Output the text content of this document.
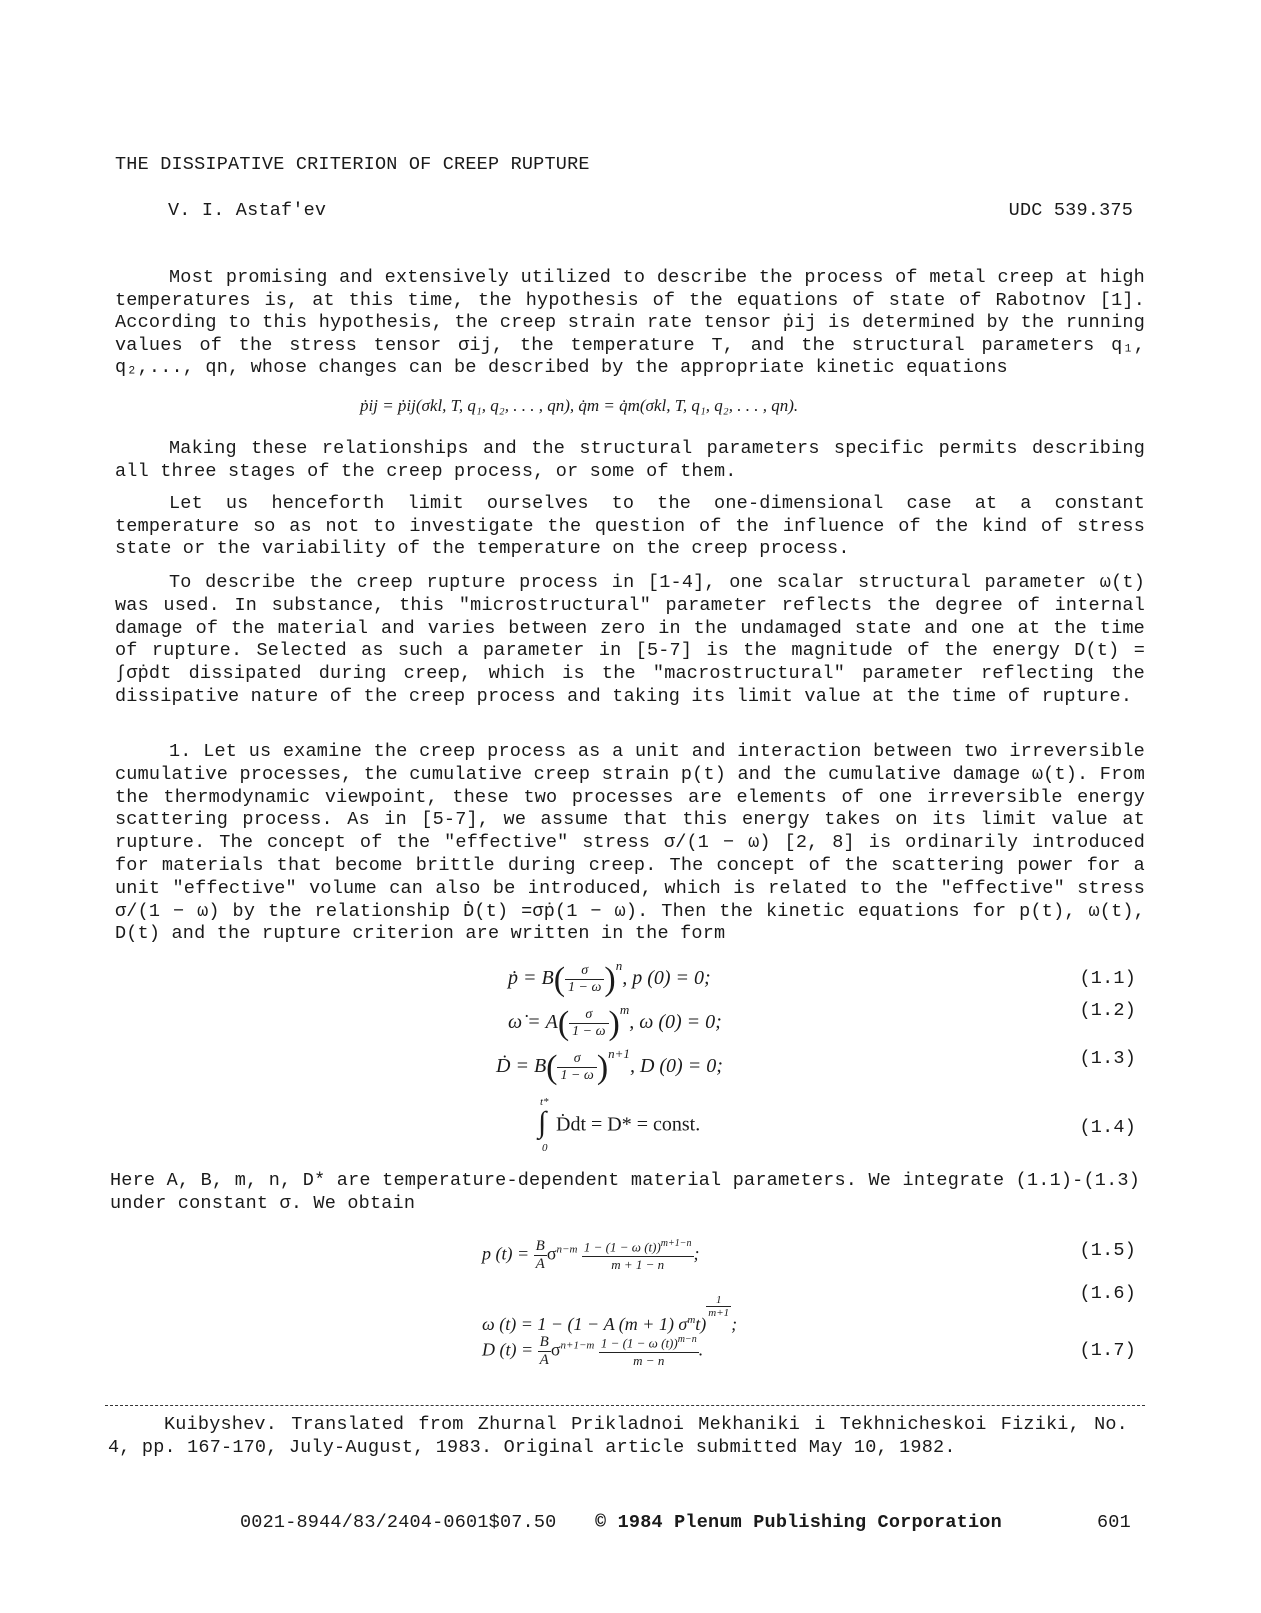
THE DISSIPATIVE CRITERION OF CREEP RUPTURE
V. I. Astaf'ev	UDC 539.375
Most promising and extensively utilized to describe the process of metal creep at high temperatures is, at this time, the hypothesis of the equations of state of Rabotnov [1]. According to this hypothesis, the creep strain rate tensor ṗij is determined by the running values of the stress tensor σij, the temperature T, and the structural parameters q₁, q₂,..., qn, whose changes can be described by the appropriate kinetic equations
ṗij = ṗij(σkl, T, q₁, q₂, . . . , qn), q̇m = q̇m(σkl, T, q₁, q₂, . . . , qn).
Making these relationships and the structural parameters specific permits describing all three stages of the creep process, or some of them.
Let us henceforth limit ourselves to the one-dimensional case at a constant temperature so as not to investigate the question of the influence of the kind of stress state or the variability of the temperature on the creep process.
To describe the creep rupture process in [1-4], one scalar structural parameter ω(t) was used. In substance, this "microstructural" parameter reflects the degree of internal damage of the material and varies between zero in the undamaged state and one at the time of rupture. Selected as such a parameter in [5-7] is the magnitude of the energy D(t) = ∫σṗdt dissipated during creep, which is the "macrostructural" parameter reflecting the dissipative nature of the creep process and taking its limit value at the time of rupture.
1. Let us examine the creep process as a unit and interaction between two irreversible cumulative processes, the cumulative creep strain p(t) and the cumulative damage ω(t). From the thermodynamic viewpoint, these two processes are elements of one irreversible energy scattering process. As in [5-7], we assume that this energy takes on its limit value at rupture. The concept of the "effective" stress σ/(1 − ω) [2, 8] is ordinarily introduced for materials that become brittle during creep. The concept of the scattering power for a unit "effective" volume can also be introduced, which is related to the "effective" stress σ/(1 − ω) by the relationship Ḋ(t) =σṗ(1 − ω). Then the kinetic equations for p(t), ω(t), D(t) and the rupture criterion are written in the form
ṗ = $B( \frac{\sigma}{1 - \omega} )^n$, p (0) = 0;	(1.1)
ω̇ = $A( \frac{\sigma}{1 - \omega} )^m$, ω (0) = 0;
(1.2)
Ḋ = $B( \frac{\sigma}{1 - \omega} )^{n+1}$, D (0) = 0;	(1.3)
t*
∫
0
Ḋdt = D* = const.	(1.4)
Here A, B, m, n, D* are temperature-dependent material parameters. We integrate (1.1)-(1.3) under constant σ. We obtain
p $(t) = \frac{B}{A} \sigma^{n-m} \frac{1 - (1 - \omega (t))^{m+1-n}}{m + 1 - n}$ ;	(1.5)
ω (t) = 1 − (1 − A (m + 1) $\sigma^mt$)
$\frac{1}{m+1}$
;
(1.6)
D $(t) = \frac{B}{A} \sigma^{n+1-m} \frac{1 - (1 - \omega (t))^{m-n}}{m - n}$ .	(1.7)
Kuibyshev. Translated from Zhurnal Prikladnoi Mekhaniki i Tekhnicheskoi Fiziki, No. 4, pp. 167-170, July-August, 1983. Original article submitted May 10, 1982.
0021-8944/83/2404-0601$07.50 © 1984 Plenum Publishing Corporation	601
